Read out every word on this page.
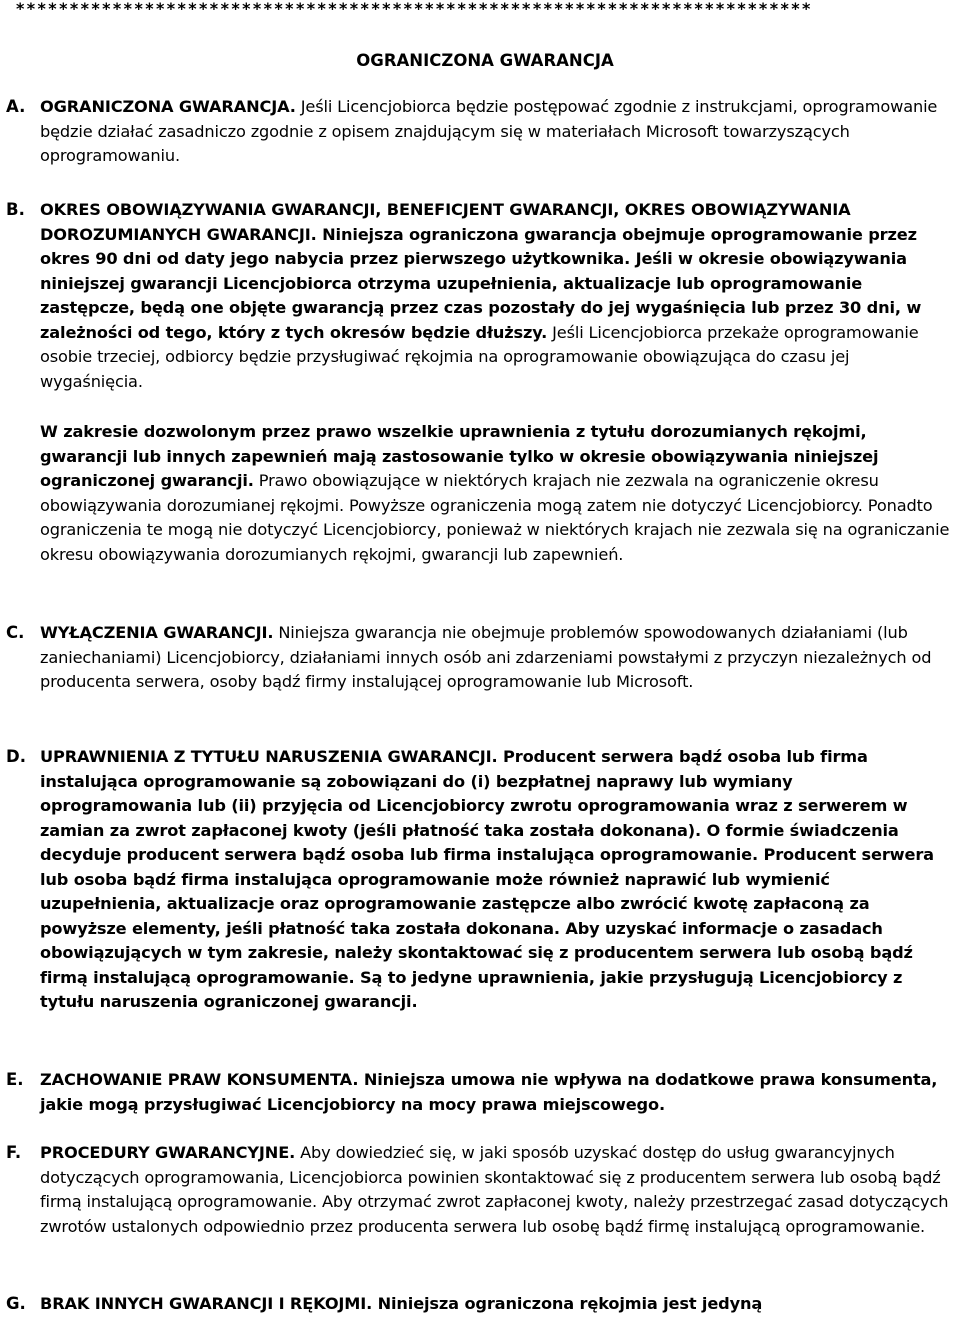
**************************************************************************
OGRANICZONA GWARANCJA
A. OGRANICZONA GWARANCJA. Jeśli Licencjobiorca będzie postępować zgodnie z instrukcjami, oprogramowanie będzie działać zasadniczo zgodnie z opisem znajdującym się w materiałach Microsoft towarzyszących oprogramowaniu.

B. OKRES OBOWIĄZYWANIA GWARANCJI, BENEFICJENT GWARANCJI, OKRES OBOWIĄZYWANIA DOROZUMIANYCH GWARANCJI. Niniejsza ograniczona gwarancja obejmuje oprogramowanie przez okres 90 dni od daty jego nabycia przez pierwszego użytkownika. Jeśli w okresie obowiązywania niniejszej gwarancji Licencjobiorca otrzyma uzupełnienia, aktualizacje lub oprogramowanie zastępcze, będą one objęte gwarancją przez czas pozostały do jej wygaśnięcia lub przez 30 dni, w zależności od tego, który z tych okresów będzie dłuższy. Jeśli Licencjobiorca przekaże oprogramowanie osobie trzeciej, odbiorcy będzie przysługiwać rękojmia na oprogramowanie obowiązująca do czasu jej wygaśnięcia.

W zakresie dozwolonym przez prawo wszelkie uprawnienia z tytułu dorozumianych rękojmi, gwarancji lub innych zapewnień mają zastosowanie tylko w okresie obowiązywania niniejszej ograniczonej gwarancji. Prawo obowiązujące w niektórych krajach nie zezwala na ograniczenie okresu obowiązywania dorozumianej rękojmi. Powyższe ograniczenia mogą zatem nie dotyczyć Licencjobiorcy. Ponadto ograniczenia te mogą nie dotyczyć Licencjobiorcy, ponieważ w niektórych krajach nie zezwala się na ograniczanie okresu obowiązywania dorozumianych rękojmi, gwarancji lub zapewnień.

C. WYŁĄCZENIA GWARANCJI. Niniejsza gwarancja nie obejmuje problemów spowodowanych działaniami (lub zaniechaniami) Licencjobiorcy, działaniami innych osób ani zdarzeniami powstałymi z przyczyn niezależnych od producenta serwera, osoby bądź firmy instalującej oprogramowanie lub Microsoft.

D. UPRAWNIENIA Z TYTUŁU NARUSZENIA GWARANCJI. Producent serwera bądź osoba lub firma instalująca oprogramowanie są zobowiązani do (i) bezpłatnej naprawy lub wymiany oprogramowania lub (ii) przyjęcia od Licencjobiorcy zwrotu oprogramowania wraz z serwerem w zamian za zwrot zapłaconej kwoty (jeśli płatność taka została dokonana). O formie świadczenia decyduje producent serwera bądź osoba lub firma instalująca oprogramowanie. Producent serwera lub osoba bądź firma instalująca oprogramowanie może również naprawić lub wymienić uzupełnienia, aktualizacje oraz oprogramowanie zastępcze albo zwrócić kwotę zapłaconą za powyższe elementy, jeśli płatność taka została dokonana. Aby uzyskać informacje o zasadach obowiązujących w tym zakresie, należy skontaktować się z producentem serwera lub osobą bądź firmą instalującą oprogramowanie. Są to jedyne uprawnienia, jakie przysługują Licencjobiorcy z tytułu naruszenia ograniczonej gwarancji.

E. ZACHOWANIE PRAW KONSUMENTA. Niniejsza umowa nie wpływa na dodatkowe prawa konsumenta, jakie mogą przysługiwać Licencjobiorcy na mocy prawa miejscowego.

F. PROCEDURY GWARANCYJNE. Aby dowiedzieć się, w jaki sposób uzyskać dostęp do usług gwarancyjnych dotyczących oprogramowania, Licencjobiorca powinien skontaktować się z producentem serwera lub osobą bądź firmą instalującą oprogramowanie. Aby otrzymać zwrot zapłaconej kwoty, należy przestrzegać zasad dotyczących zwrotów ustalonych odpowiednio przez producenta serwera lub osobę bądź firmę instalującą oprogramowanie.

G. BRAK INNYCH GWARANCJI I RĘKOJMI. Niniejsza ograniczona rękojmia jest jedyną
